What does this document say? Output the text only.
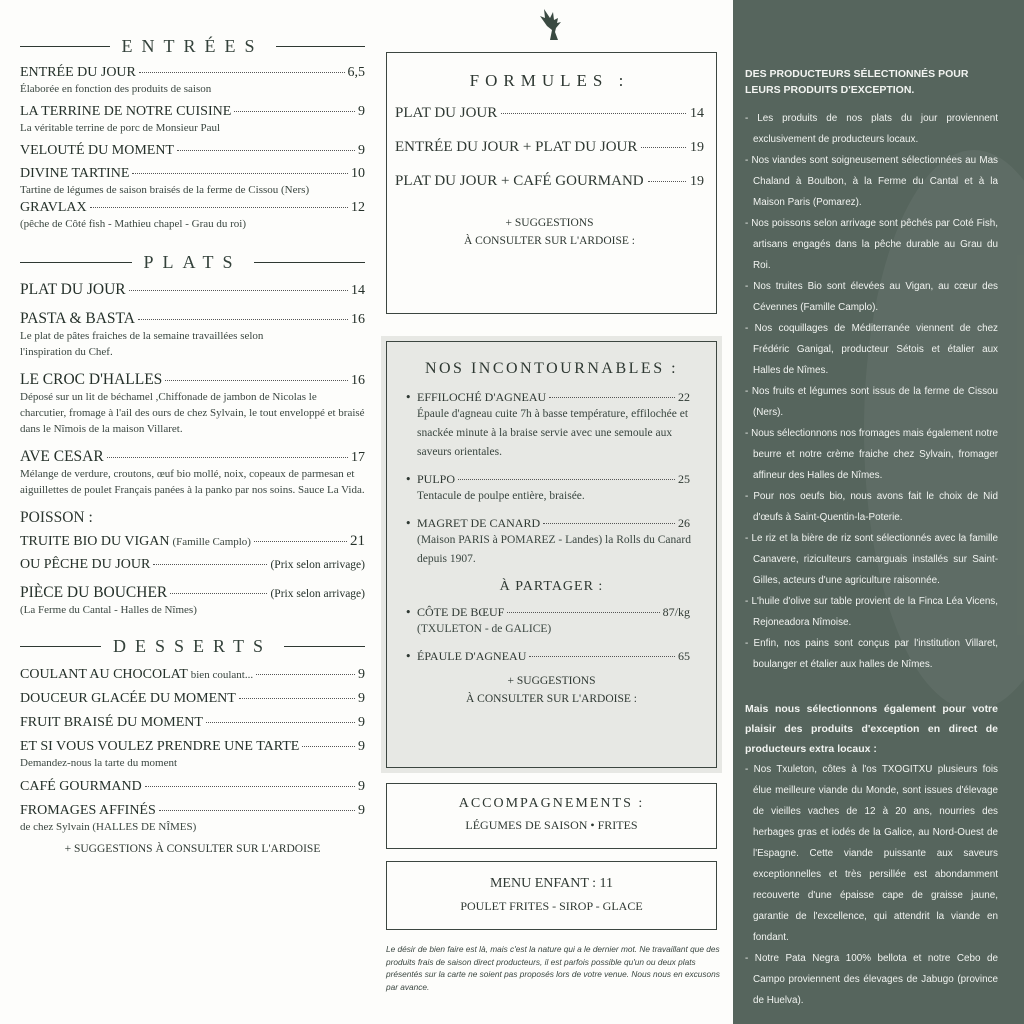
ENTRÉES
ENTRÉE DU JOUR	6,5
Élaborée en fonction des produits de saison
LA TERRINE DE NOTRE CUISINE	9
La véritable terrine de porc de Monsieur Paul
VELOUTÉ DU MOMENT	9
DIVINE TARTINE	10
Tartine de légumes de saison braisés de la ferme de Cissou (Ners)
GRAVLAX	12
(pêche de Côté fish - Mathieu chapel - Grau du roi)
PLATS
PLAT DU JOUR	14
PASTA & BASTA	16
Le plat de pâtes fraiches de la semaine travaillées selon l'inspiration du Chef.
LE CROC D'HALLES	16
Déposé sur un lit de béchamel ,Chiffonade de jambon de Nicolas le charcutier, fromage à l'ail des ours de chez Sylvain, le tout enveloppé et braisé dans le Nîmois de la maison Villaret.
AVE CESAR	17
Mélange de verdure, croutons, œuf bio mollé, noix, copeaux de parmesan et aiguillettes de poulet Français panées à la panko par nos soins. Sauce La Vida.
POISSON :
TRUITE BIO DU VIGAN (Famille Camplo)	21
OU PÊCHE DU JOUR	(Prix selon arrivage)
PIÈCE DU BOUCHER	(Prix selon arrivage)
(La Ferme du Cantal - Halles de Nîmes)
DESSERTS
COULANT AU CHOCOLAT bien coulant...	9
DOUCEUR GLACÉE DU MOMENT	9
FRUIT BRAISÉ DU MOMENT	9
ET SI VOUS VOULEZ PRENDRE UNE TARTE	9
Demandez-nous la tarte du moment
CAFÉ GOURMAND	9
FROMAGES AFFINÉS	9
de chez Sylvain (HALLES DE NÎMES)
+ SUGGESTIONS À CONSULTER SUR L'ARDOISE
FORMULES :
PLAT DU JOUR	14
ENTRÉE DU JOUR + PLAT DU JOUR	19
PLAT DU JOUR + CAFÉ GOURMAND	19
+ SUGGESTIONS
À CONSULTER SUR L'ARDOISE :
NOS INCONTOURNABLES :
• EFFILOCHÉ D'AGNEAU	22
Épaule d'agneau cuite 7h à basse température, effilochée et snackée minute à la braise servie avec une semoule aux saveurs orientales.
• PULPO	25
Tentacule de poulpe entière, braisée.
• MAGRET DE CANARD	26
(Maison PARIS à POMAREZ - Landes) la Rolls du Canard depuis 1907.
À PARTAGER :
• CÔTE DE BŒUF	87/kg
(TXULETON - de GALICE)
• ÉPAULE D'AGNEAU	65
+ SUGGESTIONS
À CONSULTER SUR L'ARDOISE :
ACCOMPAGNEMENTS :
LÉGUMES DE SAISON • FRITES
MENU ENFANT : 11
POULET FRITES - SIROP - GLACE
Le désir de bien faire est là, mais c'est la nature qui a le dernier mot. Ne travaillant que des produits frais de saison direct producteurs, il est parfois possible qu'un ou deux plats présentés sur la carte ne soient pas proposés lors de votre venue. Nous nous en excusons par avance.
DES PRODUCTEURS SÉLECTIONNÉS POUR LEURS PRODUITS D'EXCEPTION.
- Les produits de nos plats du jour proviennent exclusivement de producteurs locaux.
- Nos viandes sont soigneusement sélectionnées au Mas Chaland à Boulbon, à la Ferme du Cantal et à la Maison Paris (Pomarez).
- Nos poissons selon arrivage sont pêchés par Coté Fish, artisans engagés dans la pêche durable au Grau du Roi.
- Nos truites Bio sont élevées au Vigan, au cœur des Cévennes (Famille Camplo).
- Nos coquillages de Méditerranée viennent de chez Frédéric Ganigal, producteur Sétois et étalier aux Halles de Nîmes.
- Nos fruits et légumes sont issus de la ferme de Cissou (Ners).
- Nous sélectionnons nos fromages mais également notre beurre et notre crème fraiche chez Sylvain, fromager affineur des Halles de Nîmes.
- Pour nos oeufs bio, nous avons fait le choix de Nid d'œufs à Saint-Quentin-la-Poterie.
- Le riz et la bière de riz sont sélectionnés avec la famille Canavere, riziculteurs camarguais installés sur Saint-Gilles, acteurs d'une agriculture raisonnée.
- L'huile d'olive sur table provient de la Finca Léa Vicens, Rejoneadora Nîmoise.
- Enfin, nos pains sont conçus par l'institution Villaret, boulanger et étalier aux halles de Nîmes.
Mais nous sélectionnons également pour votre plaisir des produits d'exception en direct de producteurs extra locaux :
- Nos Txuleton, côtes à l'os TXOGITXU plusieurs fois élue meilleure viande du Monde, sont issues d'élevage de vieilles vaches de 12 à 20 ans, nourries des herbages gras et iodés de la Galice, au Nord-Ouest de l'Espagne. Cette viande puissante aux saveurs exceptionnelles et très persillée est abondamment recouverte d'une épaisse cape de graisse jaune, garantie de l'excellence, qui attendrit la viande en fondant.
- Notre Pata Negra 100% bellota et notre Cebo de Campo proviennent des élevages de Jabugo (province de Huelva).
